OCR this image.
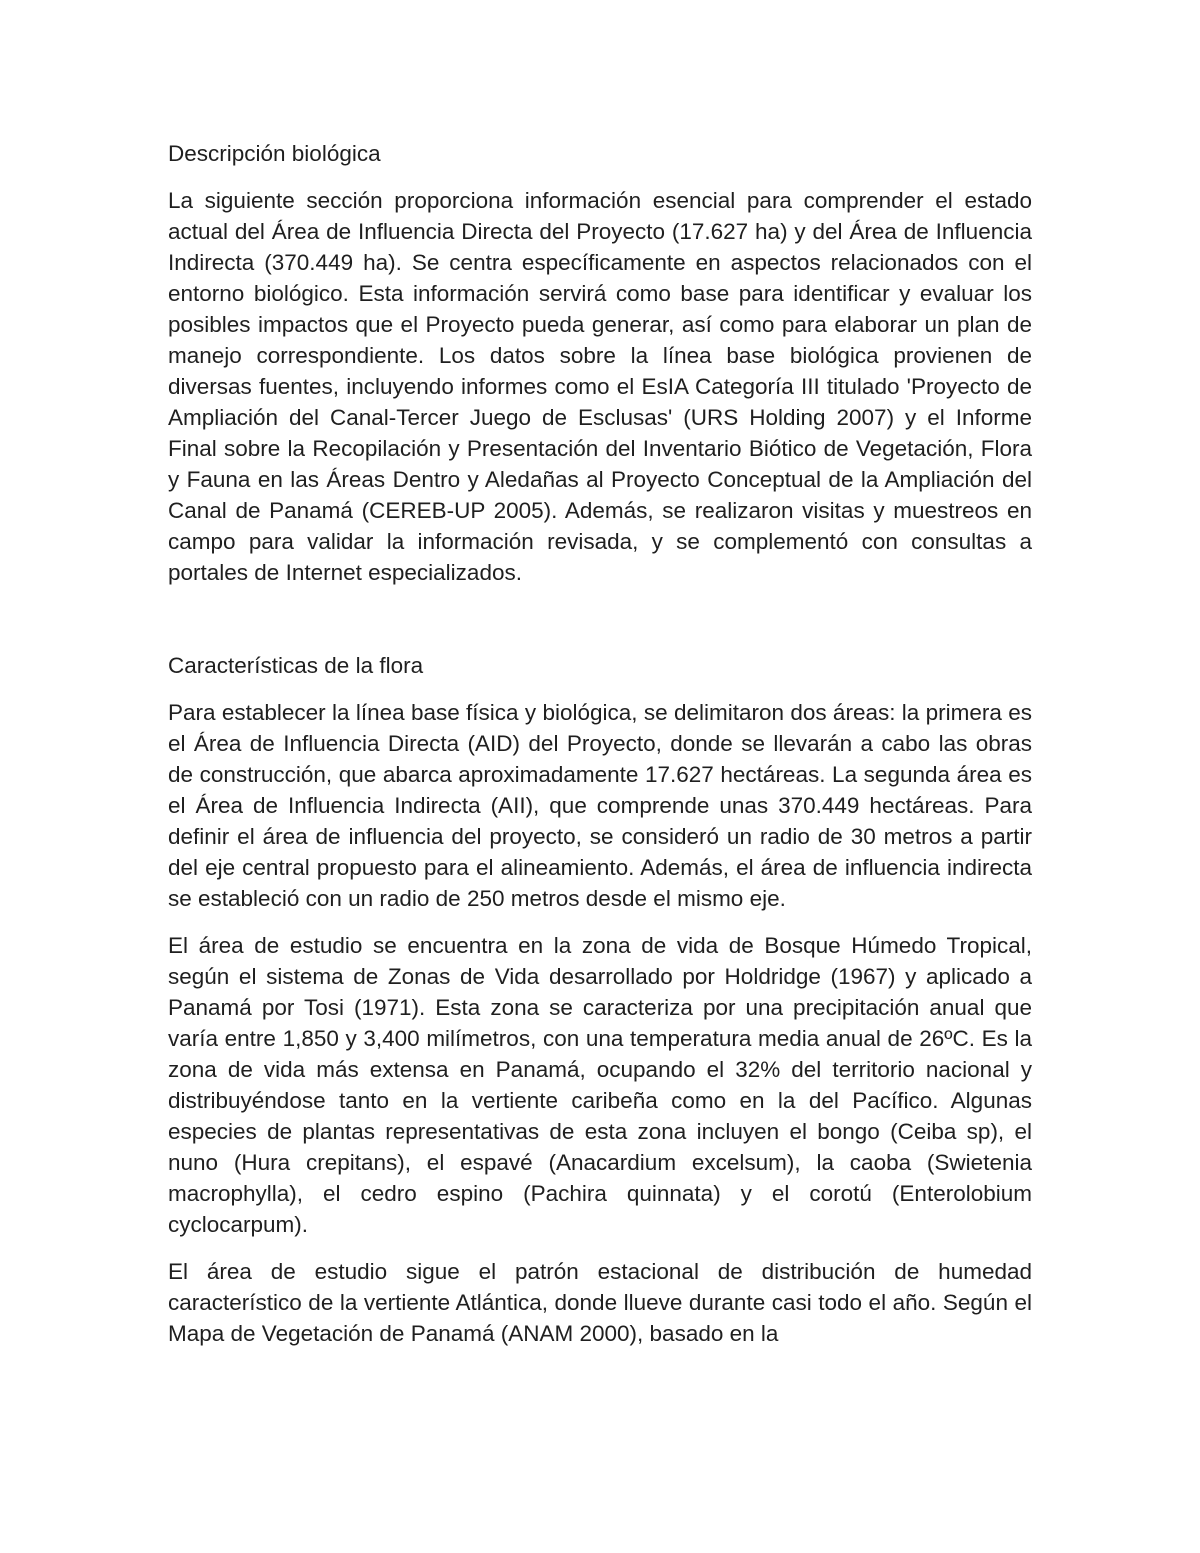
Descripción biológica

La siguiente sección proporciona información esencial para comprender el estado actual del Área de Influencia Directa del Proyecto (17.627 ha) y del Área de Influencia Indirecta (370.449 ha). Se centra específicamente en aspectos relacionados con el entorno biológico. Esta información servirá como base para identificar y evaluar los posibles impactos que el Proyecto pueda generar, así como para elaborar un plan de manejo correspondiente. Los datos sobre la línea base biológica provienen de diversas fuentes, incluyendo informes como el EsIA Categoría III titulado 'Proyecto de Ampliación del Canal-Tercer Juego de Esclusas' (URS Holding 2007) y el Informe Final sobre la Recopilación y Presentación del Inventario Biótico de Vegetación, Flora y Fauna en las Áreas Dentro y Aledañas al Proyecto Conceptual de la Ampliación del Canal de Panamá (CEREB-UP 2005). Además, se realizaron visitas y muestreos en campo para validar la información revisada, y se complementó con consultas a portales de Internet especializados.

Características de la flora

Para establecer la línea base física y biológica, se delimitaron dos áreas: la primera es el Área de Influencia Directa (AID) del Proyecto, donde se llevarán a cabo las obras de construcción, que abarca aproximadamente 17.627 hectáreas. La segunda área es el Área de Influencia Indirecta (AII), que comprende unas 370.449 hectáreas. Para definir el área de influencia del proyecto, se consideró un radio de 30 metros a partir del eje central propuesto para el alineamiento. Además, el área de influencia indirecta se estableció con un radio de 250 metros desde el mismo eje.

El área de estudio se encuentra en la zona de vida de Bosque Húmedo Tropical, según el sistema de Zonas de Vida desarrollado por Holdridge (1967) y aplicado a Panamá por Tosi (1971). Esta zona se caracteriza por una precipitación anual que varía entre 1,850 y 3,400 milímetros, con una temperatura media anual de 26ºC. Es la zona de vida más extensa en Panamá, ocupando el 32% del territorio nacional y distribuyéndose tanto en la vertiente caribeña como en la del Pacífico. Algunas especies de plantas representativas de esta zona incluyen el bongo (Ceiba sp), el nuno (Hura crepitans), el espavé (Anacardium excelsum), la caoba (Swietenia macrophylla), el cedro espino (Pachira quinnata) y el corotú (Enterolobium cyclocarpum).

El área de estudio sigue el patrón estacional de distribución de humedad característico de la vertiente Atlántica, donde llueve durante casi todo el año. Según el Mapa de Vegetación de Panamá (ANAM 2000), basado en la
